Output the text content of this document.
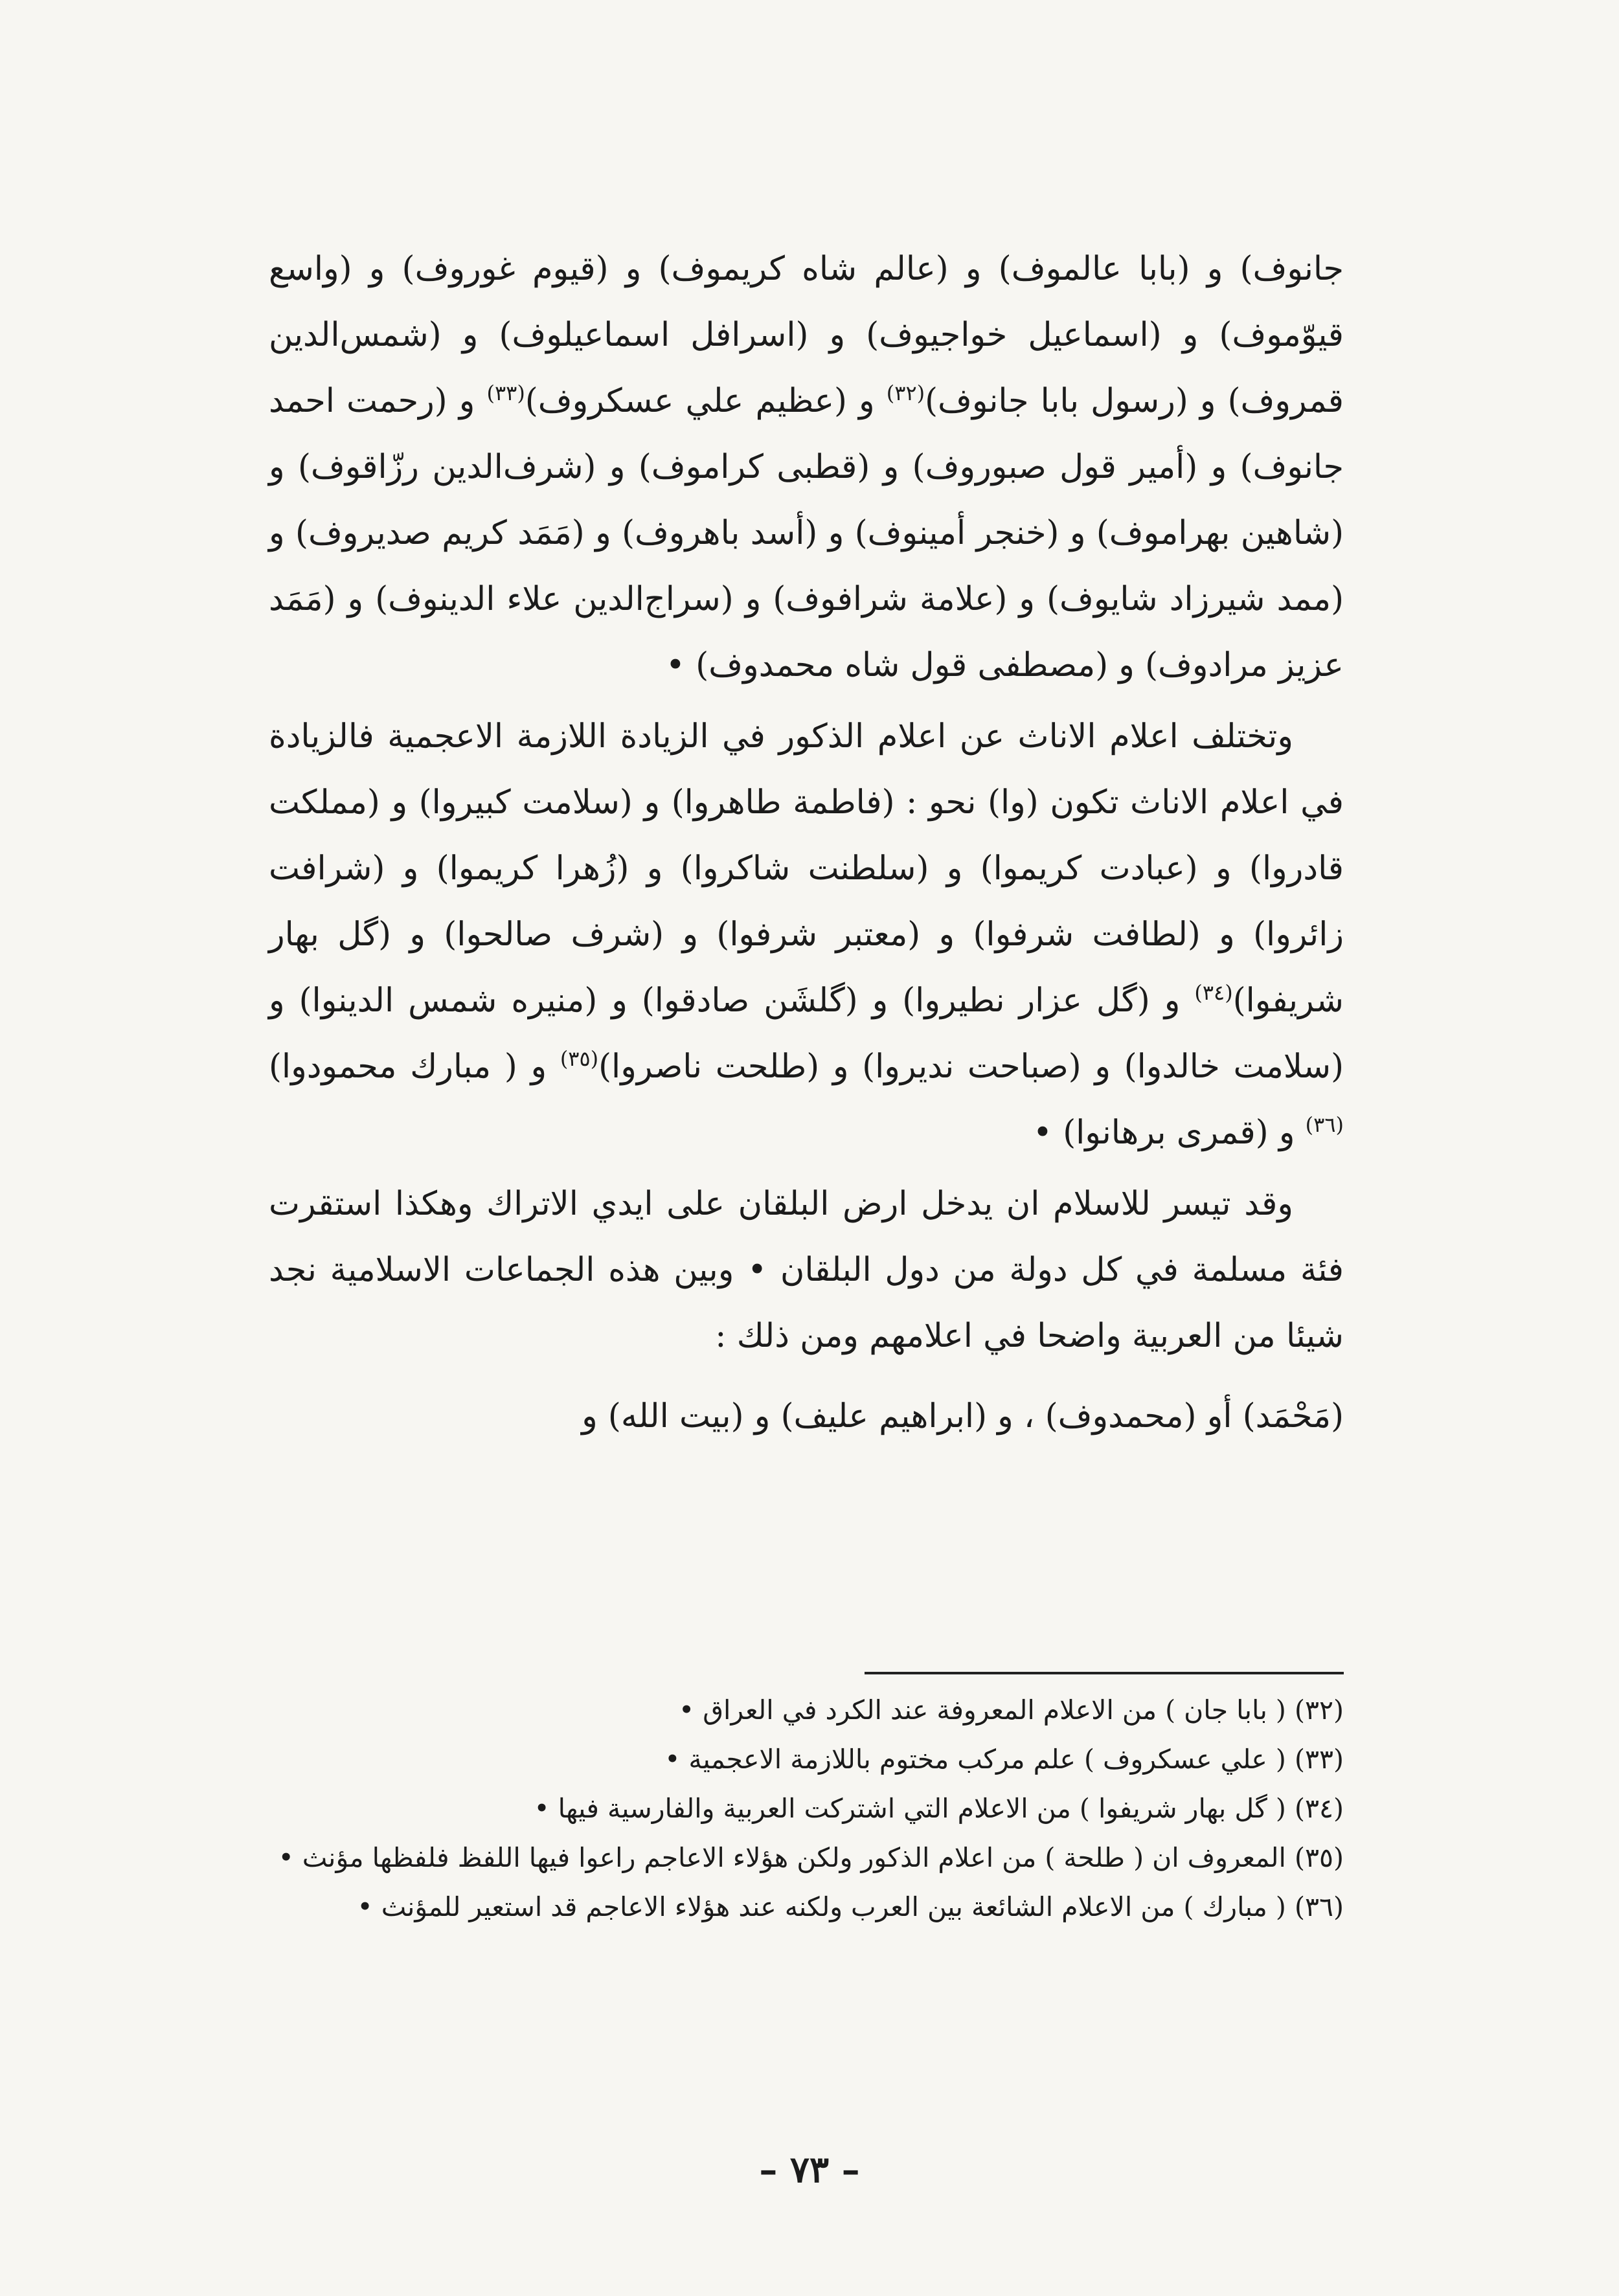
جانوف) و (بابا عالموف) و (عالم شاه كريموف) و (قيوم غوروف) و (واسع قيوّموف) و (اسماعيل خواجيوف) و (اسرافل اسماعيلوف) و (شمس‌الدين قمروف) و (رسول بابا جانوف)$^{(٣٢)}$ و (عظيم علي عسكروف)$^{(٣٣)}$ و (رحمت احمد جانوف) و (أمير قول صبوروف) و (قطبى كراموف) و (شرف‌الدين رزّاقوف) و (شاهين بهراموف) و (خنجر أمينوف) و (أسد باهروف) و (مَمَد كريم صديروف) و (ممد شيرزاد شايوف) و (علامة شرافوف) و (سراج‌الدين علاء الدينوف) و (مَمَد عزيز مرادوف) و (مصطفى قول شاه محمدوف) •

وتختلف اعلام الاناث عن اعلام الذكور في الزيادة اللازمة الاعجمية فالزيادة في اعلام الاناث تكون (وا) نحو : (فاطمة طاهروا) و (سلامت كبيروا) و (مملكت قادروا) و (عبادت كريموا) و (سلطنت شاكروا) و (زُهرا كريموا) و (شرافت زائروا) و (لطافت شرفوا) و (معتبر شرفوا) و (شرف صالحوا) و (گل بهار شريفوا)$^{(٣٤)}$ و (گل عزار نطيروا) و (گلشَن صادقوا) و (منيره شمس الدينوا) و (سلامت خالدوا) و (صباحت نديروا) و (طلحت ناصروا)$^{(٣٥)}$ و ( مبارك محمودوا)$^{(٣٦)}$ و (قمرى برهانوا) •

وقد تيسر للاسلام ان يدخل ارض البلقان على ايدي الاتراك وهكذا استقرت فئة مسلمة في كل دولة من دول البلقان • وبين هذه الجماعات الاسلامية نجد شيئا من العربية واضحا في اعلامهم ومن ذلك :

(مَحْمَد) أو (محمدوف) ، و (ابراهيم عليف) و (بيت الله) و

(٣٢) ( بابا جان ) من الاعلام المعروفة عند الكرد في العراق •
(٣٣) ( علي عسكروف ) علم مركب مختوم باللازمة الاعجمية •
(٣٤) ( گل بهار شريفوا ) من الاعلام التي اشتركت العربية والفارسية فيها •
(٣٥) المعروف ان ( طلحة ) من اعلام الذكور ولكن هؤلاء الاعاجم راعوا فيها اللفظ فلفظها مؤنث •
(٣٦) ( مبارك ) من الاعلام الشائعة بين العرب ولكنه عند هؤلاء الاعاجم قد استعير للمؤنث •
– ٧٣ –
